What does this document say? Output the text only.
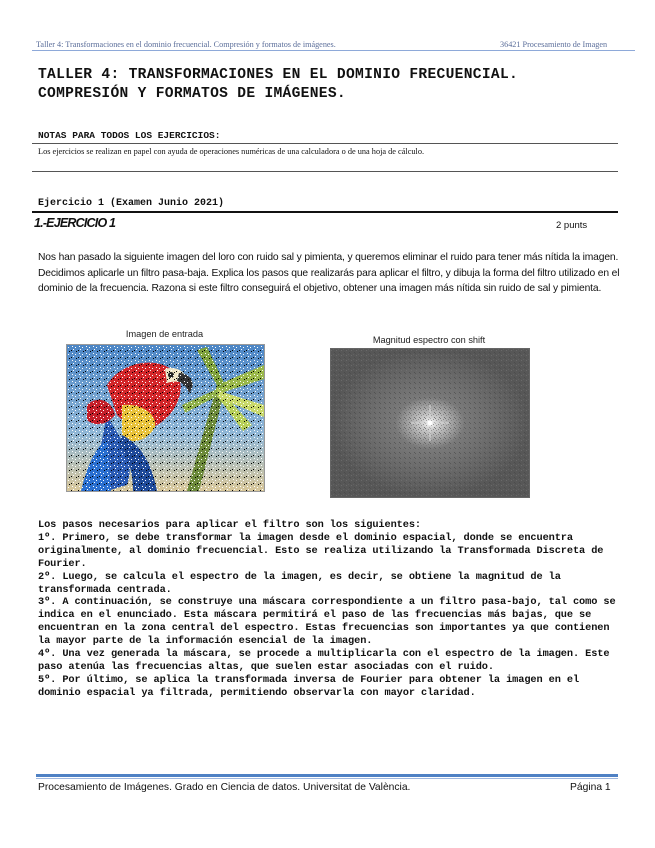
Taller 4: Transformaciones en el dominio frecuencial. Compresión y formatos de imágenes.	36421 Procesamiento de Imagen
TALLER 4: TRANSFORMACIONES EN EL DOMINIO FRECUENCIAL.
COMPRESIÓN Y FORMATOS DE IMÁGENES.
NOTAS PARA TODOS LOS EJERCICIOS:
Los ejercicios se realizan en papel con ayuda de operaciones numéricas de una calculadora o de una hoja de cálculo.
Ejercicio 1 (Examen Junio 2021)
1.-EJERCICIO 1	2 punts
Nos han pasado la siguiente imagen del loro con ruido sal y pimienta, y queremos eliminar el ruido para tener más nítida la imagen. Decidimos aplicarle un filtro pasa-baja. Explica los pasos que realizarás para aplicar el filtro, y dibuja la forma del filtro utilizado en el dominio de la frecuencia. Razona si este filtro conseguirá el objetivo, obtener una imagen más nítida sin ruido de sal y pimienta.
Imagen de entrada
Magnitud espectro con shift
Los pasos necesarios para aplicar el filtro son los siguientes:
1º. Primero, se debe transformar la imagen desde el dominio espacial, donde se encuentra originalmente, al dominio frecuencial. Esto se realiza utilizando la Transformada Discreta de Fourier.
2º. Luego, se calcula el espectro de la imagen, es decir, se obtiene la magnitud de la transformada centrada.
3º. A continuación, se construye una máscara correspondiente a un filtro pasa-bajo, tal como se indica en el enunciado. Esta máscara permitirá el paso de las frecuencias más bajas, que se encuentran en la zona central del espectro. Estas frecuencias son importantes ya que contienen la mayor parte de la información esencial de la imagen.
4º. Una vez generada la máscara, se procede a multiplicarla con el espectro de la imagen. Este paso atenúa las frecuencias altas, que suelen estar asociadas con el ruido.
5º. Por último, se aplica la transformada inversa de Fourier para obtener la imagen en el dominio espacial ya filtrada, permitiendo observarla con mayor claridad.
Procesamiento de Imágenes. Grado en Ciencia de datos. Universitat de València.	Página 1
